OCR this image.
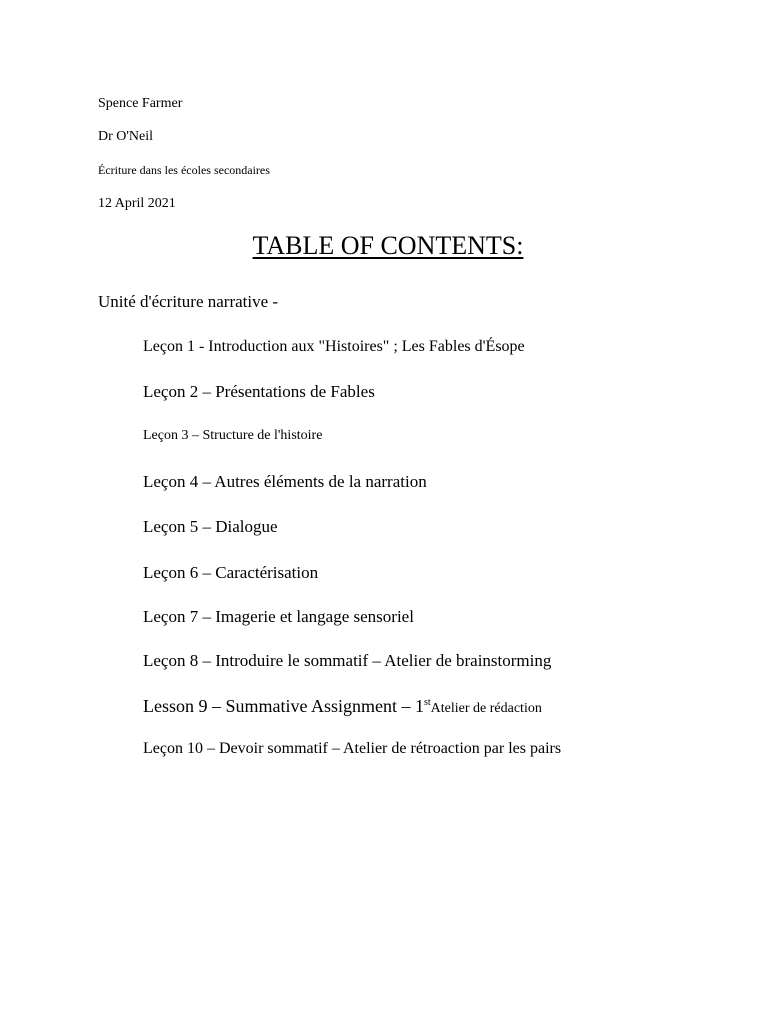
Spence Farmer
Dr O'Neil
Écriture dans les écoles secondaires
12 April 2021
TABLE OF CONTENTS:
Unité d'écriture narrative -
Leçon 1 - Introduction aux "Histoires" ; Les Fables d'Ésope
Leçon 2 – Présentations de Fables
Leçon 3 – Structure de l'histoire
Leçon 4 – Autres éléments de la narration
Leçon 5 – Dialogue
Leçon 6 – Caractérisation
Leçon 7 – Imagerie et langage sensoriel
Leçon 8 – Introduire le sommatif – Atelier de brainstorming
Lesson 9 – Summative Assignment – 1stAtelier de rédaction
Leçon 10 – Devoir sommatif – Atelier de rétroaction par les pairs
